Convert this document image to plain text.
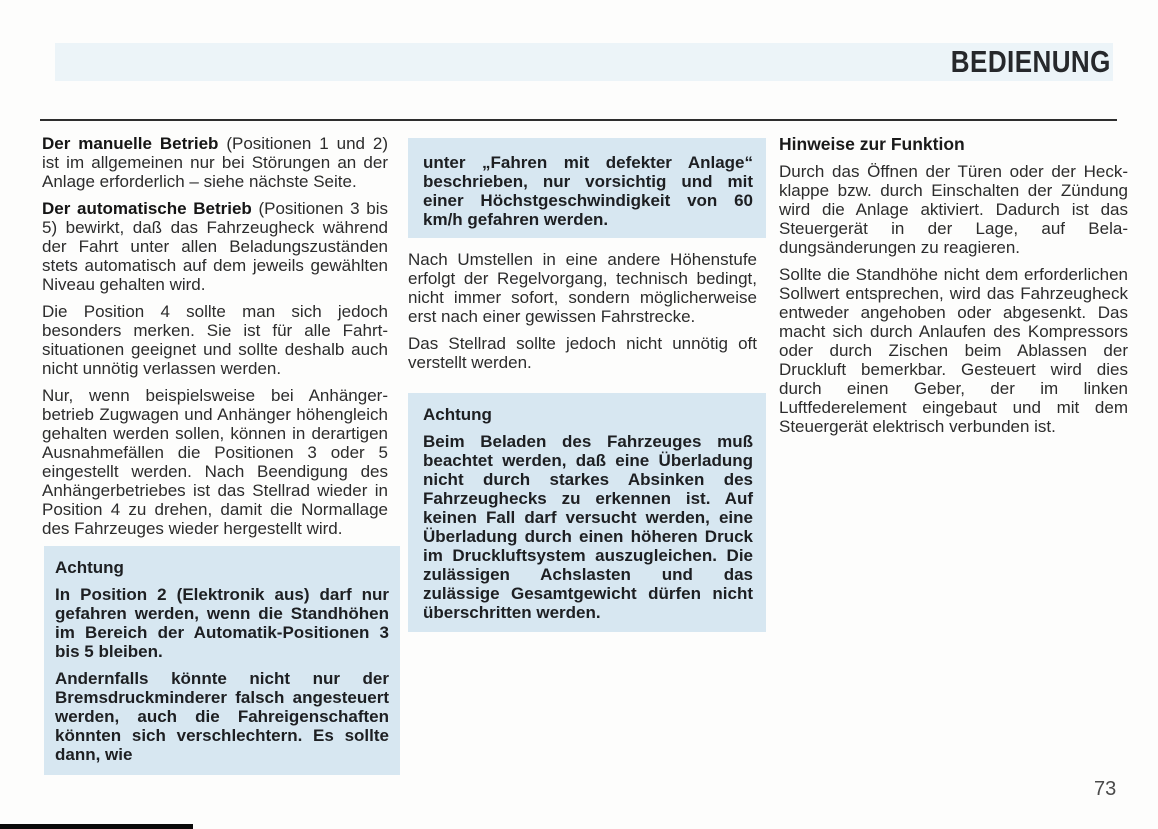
BEDIENUNG

Der manuelle Betrieb (Positionen 1 und 2) ist im allgemeinen nur bei Störungen an der Anlage erforderlich – siehe nächste Seite.

Der automatische Betrieb (Positionen 3 bis 5) bewirkt, daß das Fahrzeugheck während der Fahrt unter allen Beladungszuständen stets automatisch auf dem jeweils gewählten Niveau gehalten wird.

Die Position 4 sollte man sich jedoch besonders merken. Sie ist für alle Fahrtsituationen geeignet und sollte deshalb auch nicht unnötig verlassen werden.

Nur, wenn beispielsweise bei Anhängerbetrieb Zugwagen und Anhänger höhengleich gehalten werden sollen, können in derartigen Ausnahmefällen die Positionen 3 oder 5 eingestellt werden. Nach Beendigung des Anhängerbetriebes ist das Stellrad wieder in Position 4 zu drehen, damit die Normallage des Fahrzeuges wieder hergestellt wird.

Achtung

In Position 2 (Elektronik aus) darf nur gefahren werden, wenn die Standhöhen im Bereich der Automatik-Positionen 3 bis 5 bleiben.

Andernfalls könnte nicht nur der Bremsdruckminderer falsch angesteuert werden, auch die Fahreigenschaften könnten sich verschlechtern. Es sollte dann, wie

unter „Fahren mit defekter Anlage“ beschrieben, nur vorsichtig und mit einer Höchstgeschwindigkeit von 60 km/h gefahren werden.

Nach Umstellen in eine andere Höhenstufe erfolgt der Regelvorgang, technisch bedingt, nicht immer sofort, sondern möglicherweise erst nach einer gewissen Fahrstrecke.

Das Stellrad sollte jedoch nicht unnötig oft verstellt werden.

Achtung

Beim Beladen des Fahrzeuges muß beachtet werden, daß eine Überladung nicht durch starkes Absinken des Fahrzeughecks zu erkennen ist. Auf keinen Fall darf versucht werden, eine Überladung durch einen höheren Druck im Druckluftsystem auszugleichen. Die zulässigen Achslasten und das zulässige Gesamtgewicht dürfen nicht überschritten werden.

Hinweise zur Funktion

Durch das Öffnen der Türen oder der Heckklappe bzw. durch Einschalten der Zündung wird die Anlage aktiviert. Dadurch ist das Steuergerät in der Lage, auf Beladungsänderungen zu reagieren.

Sollte die Standhöhe nicht dem erforderlichen Sollwert entsprechen, wird das Fahrzeugheck entweder angehoben oder abgesenkt. Das macht sich durch Anlaufen des Kompressors oder durch Zischen beim Ablassen der Druckluft bemerkbar. Gesteuert wird dies durch einen Geber, der im linken Luftfederelement eingebaut und mit dem Steuergerät elektrisch verbunden ist.

73
